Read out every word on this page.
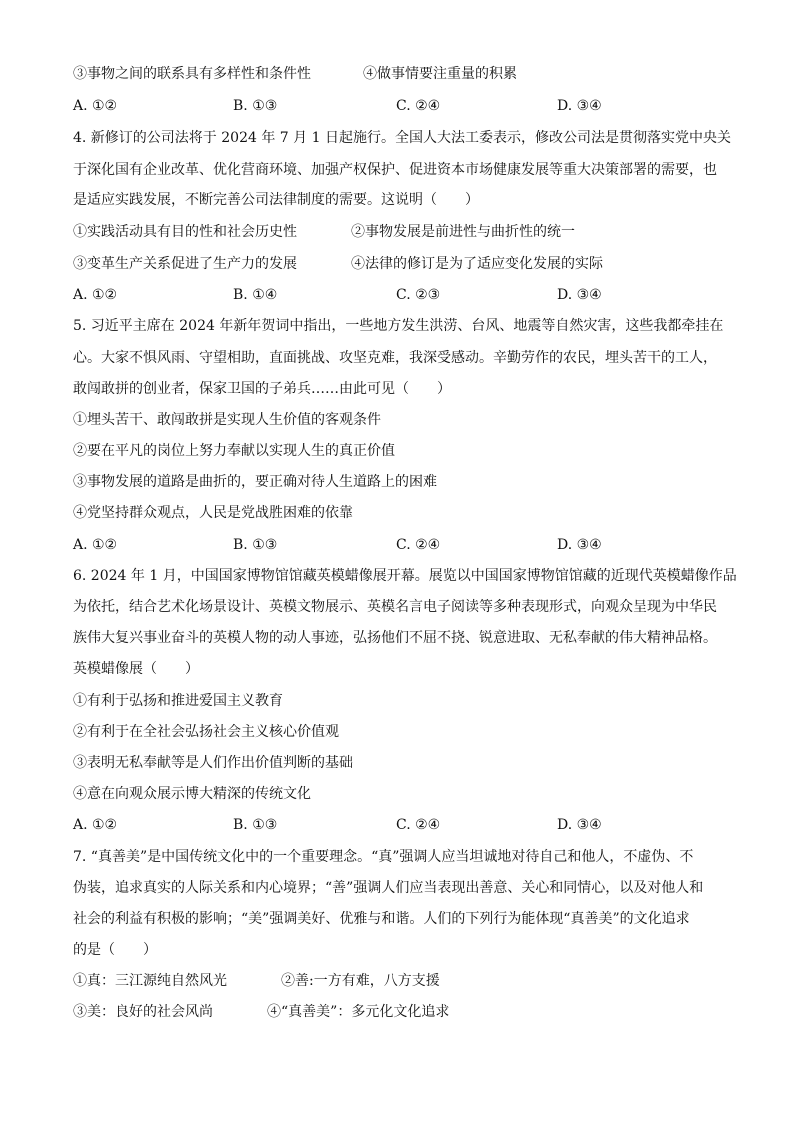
③事物之间的联系具有多样性和条件性	④做事情要注重量的积累
A. ①②	B. ①③	C. ②④	D. ③④
4. 新修订的公司法将于 2024 年 7 月 1 日起施行。全国人大法工委表示，修改公司法是贯彻落实党中央关
于深化国有企业改革、优化营商环境、加强产权保护、促进资本市场健康发展等重大决策部署的需要，也
是适应实践发展，不断完善公司法律制度的需要。这说明（　　）
①实践活动具有目的性和社会历史性	②事物发展是前进性与曲折性的统一
③变革生产关系促进了生产力的发展	④法律的修订是为了适应变化发展的实际
A. ①②	B. ①④	C. ②③	D. ③④
5. 习近平主席在 2024 年新年贺词中指出，一些地方发生洪涝、台风、地震等自然灾害，这些我都牵挂在
心。大家不惧风雨、守望相助，直面挑战、攻坚克难，我深受感动。辛勤劳作的农民，埋头苦干的工人，
敢闯敢拼的创业者，保家卫国的子弟兵……由此可见（　　）
①埋头苦干、敢闯敢拼是实现人生价值的客观条件
②要在平凡的岗位上努力奉献以实现人生的真正价值
③事物发展的道路是曲折的，要正确对待人生道路上的困难
④党坚持群众观点，人民是党战胜困难的依靠
A. ①②	B. ①③	C. ②④	D. ③④
6. 2024 年 1 月，中国国家博物馆馆藏英模蜡像展开幕。展览以中国国家博物馆馆藏的近现代英模蜡像作品
为依托，结合艺术化场景设计、英模文物展示、英模名言电子阅读等多种表现形式，向观众呈现为中华民
族伟大复兴事业奋斗的英模人物的动人事迹，弘扬他们不屈不挠、锐意进取、无私奉献的伟大精神品格。
英模蜡像展（　　）
①有利于弘扬和推进爱国主义教育
②有利于在全社会弘扬社会主义核心价值观
③表明无私奉献等是人们作出价值判断的基础
④意在向观众展示博大精深的传统文化
A. ①②	B. ①③	C. ②④	D. ③④
7. “真善美”是中国传统文化中的一个重要理念。“真”强调人应当坦诚地对待自己和他人，不虚伪、不
伪装，追求真实的人际关系和内心境界；“善”强调人们应当表现出善意、关心和同情心，以及对他人和
社会的利益有积极的影响；“美”强调美好、优雅与和谐。人们的下列行为能体现“真善美”的文化追求
的是（　　）
①真：三江源纯自然风光	②善:一方有难，八方支援
③美：良好的社会风尚	④“真善美”：多元化文化追求
